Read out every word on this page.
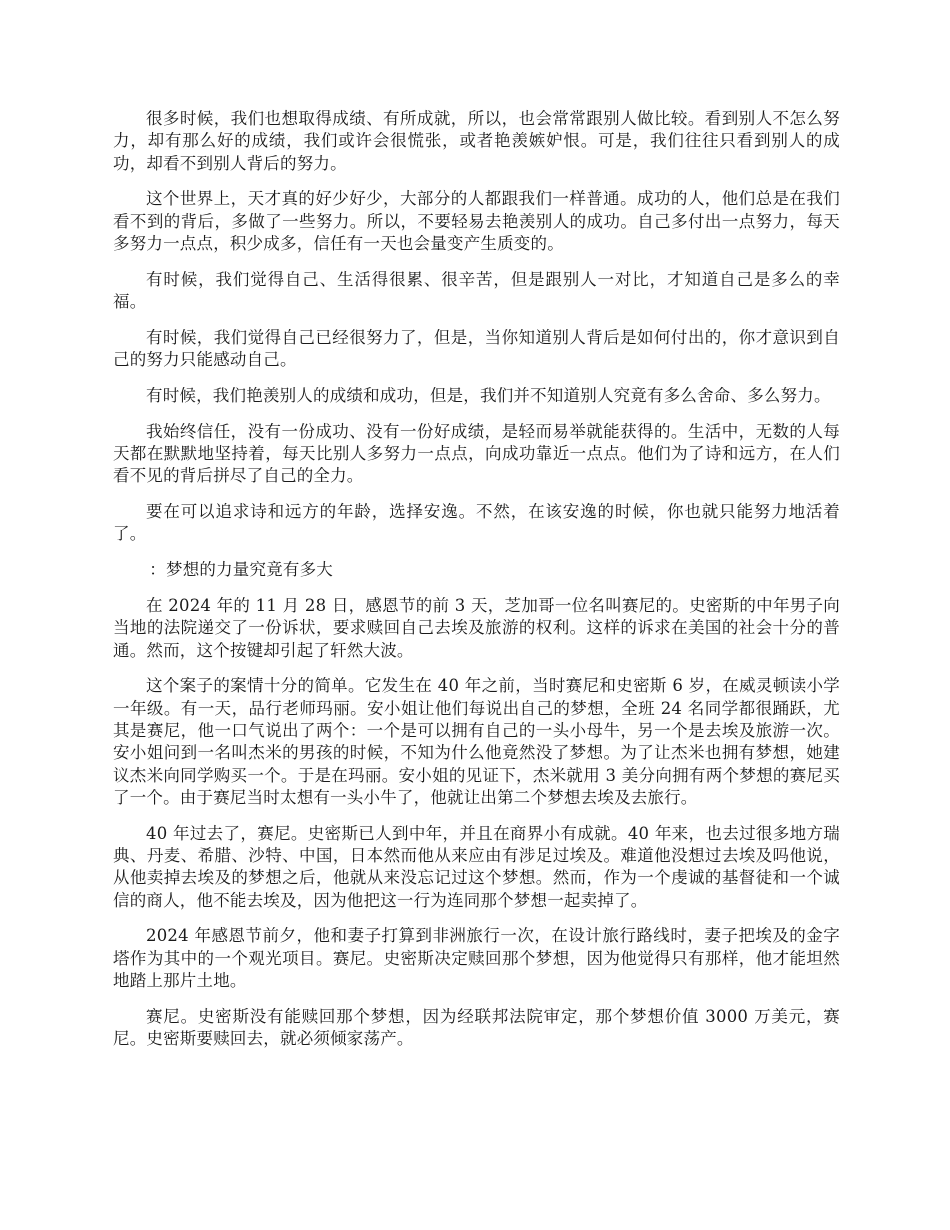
很多时候，我们也想取得成绩、有所成就，所以，也会常常跟别人做比较。看到别人不怎么努力，却有那么好的成绩，我们或许会很慌张，或者艳羡嫉妒恨。可是，我们往往只看到别人的成功，却看不到别人背后的努力。

这个世界上，天才真的好少好少，大部分的人都跟我们一样普通。成功的人，他们总是在我们看不到的背后，多做了一些努力。所以，不要轻易去艳羡别人的成功。自己多付出一点努力，每天多努力一点点，积少成多，信任有一天也会量变产生质变的。

有时候，我们觉得自己、生活得很累、很辛苦，但是跟别人一对比，才知道自己是多么的幸福。

有时候，我们觉得自己已经很努力了，但是，当你知道别人背后是如何付出的，你才意识到自己的努力只能感动自己。

有时候，我们艳羡别人的成绩和成功，但是，我们并不知道别人究竟有多么舍命、多么努力。

我始终信任，没有一份成功、没有一份好成绩，是轻而易举就能获得的。生活中，无数的人每天都在默默地坚持着，每天比别人多努力一点点，向成功靠近一点点。他们为了诗和远方，在人们看不见的背后拼尽了自己的全力。

要在可以追求诗和远方的年龄，选择安逸。不然，在该安逸的时候，你也就只能努力地活着了。

：梦想的力量究竟有多大

在 2024 年的 11 月 28 日，感恩节的前 3 天，芝加哥一位名叫赛尼的。史密斯的中年男子向当地的法院递交了一份诉状，要求赎回自己去埃及旅游的权利。这样的诉求在美国的社会十分的普通。然而，这个按键却引起了轩然大波。

这个案子的案情十分的简单。它发生在 40 年之前，当时赛尼和史密斯 6 岁，在威灵顿读小学一年级。有一天，品行老师玛丽。安小姐让他们每说出自己的梦想，全班 24 名同学都很踊跃，尤其是赛尼，他一口气说出了两个：一个是可以拥有自己的一头小母牛，另一个是去埃及旅游一次。安小姐问到一名叫杰米的男孩的时候，不知为什么他竟然没了梦想。为了让杰米也拥有梦想，她建议杰米向同学购买一个。于是在玛丽。安小姐的见证下，杰米就用 3 美分向拥有两个梦想的赛尼买了一个。由于赛尼当时太想有一头小牛了，他就让出第二个梦想去埃及去旅行。

40 年过去了，赛尼。史密斯已人到中年，并且在商界小有成就。40 年来，也去过很多地方瑞典、丹麦、希腊、沙特、中国，日本然而他从来应由有涉足过埃及。难道他没想过去埃及吗他说，从他卖掉去埃及的梦想之后，他就从来没忘记过这个梦想。然而，作为一个虔诚的基督徒和一个诚信的商人，他不能去埃及，因为他把这一行为连同那个梦想一起卖掉了。

2024 年感恩节前夕，他和妻子打算到非洲旅行一次，在设计旅行路线时，妻子把埃及的金字塔作为其中的一个观光项目。赛尼。史密斯决定赎回那个梦想，因为他觉得只有那样，他才能坦然地踏上那片土地。

赛尼。史密斯没有能赎回那个梦想，因为经联邦法院审定，那个梦想价值 3000 万美元，赛尼。史密斯要赎回去，就必须倾家荡产。
